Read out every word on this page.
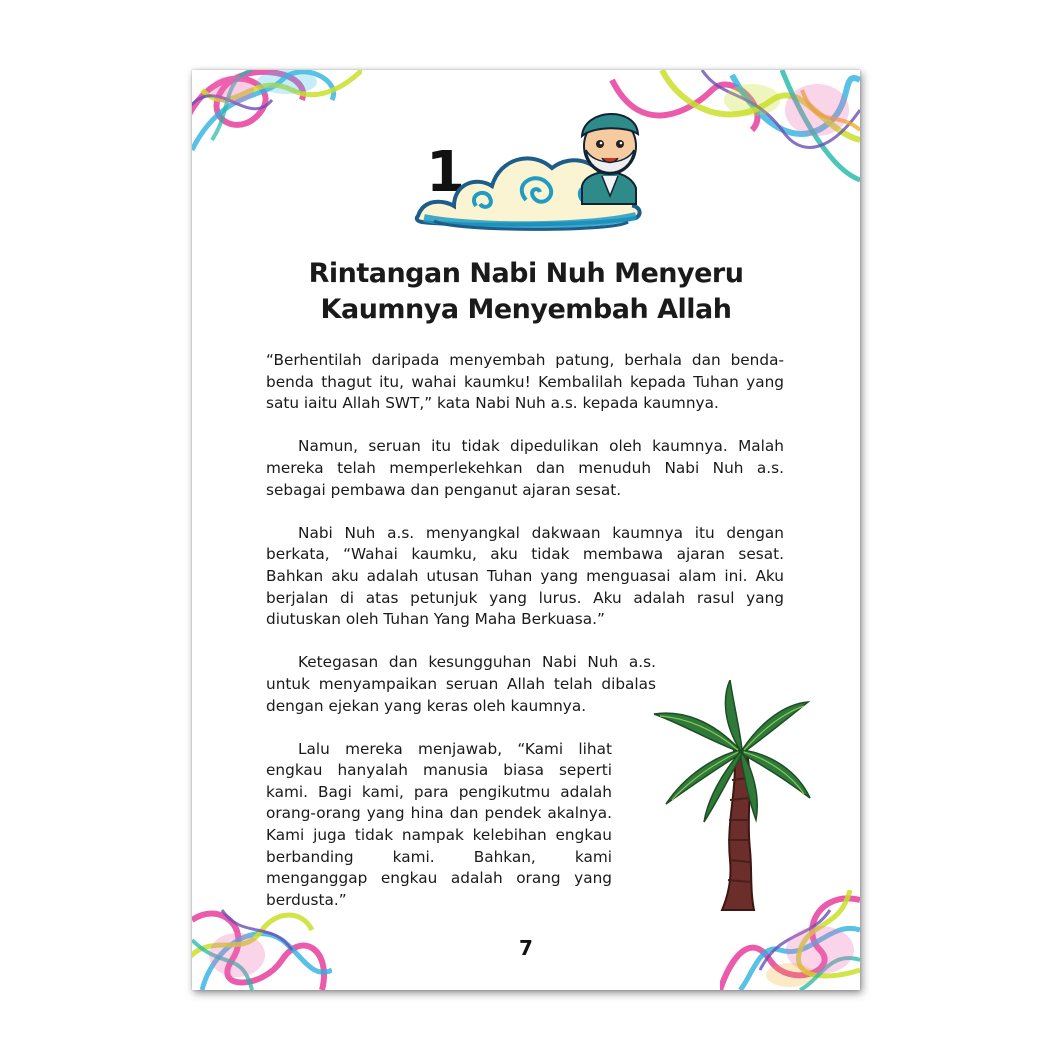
1
Rintangan Nabi Nuh Menyeru
Kaumnya Menyembah Allah

“Berhentilah daripada menyembah patung, berhala dan benda-benda thagut itu, wahai kaumku! Kembalilah kepada Tuhan yang satu iaitu Allah SWT,” kata Nabi Nuh a.s. kepada kaumnya.

Namun, seruan itu tidak dipedulikan oleh kaumnya. Malah mereka telah memperlekehkan dan menuduh Nabi Nuh a.s. sebagai pembawa dan penganut ajaran sesat.

Nabi Nuh a.s. menyangkal dakwaan kaumnya itu dengan berkata, “Wahai kaumku, aku tidak membawa ajaran sesat. Bahkan aku adalah utusan Tuhan yang menguasai alam ini. Aku berjalan di atas petunjuk yang lurus. Aku adalah rasul yang diutuskan oleh Tuhan Yang Maha Berkuasa.”

Ketegasan dan kesungguhan Nabi Nuh a.s. untuk menyampaikan seruan Allah telah dibalas dengan ejekan yang keras oleh kaumnya.

Lalu mereka menjawab, “Kami lihat engkau hanyalah manusia biasa seperti kami. Bagi kami, para pengikutmu adalah orang-orang yang hina dan pendek akalnya. Kami juga tidak nampak kelebihan engkau berbanding kami. Bahkan, kami menganggap engkau adalah orang yang berdusta.”

7
